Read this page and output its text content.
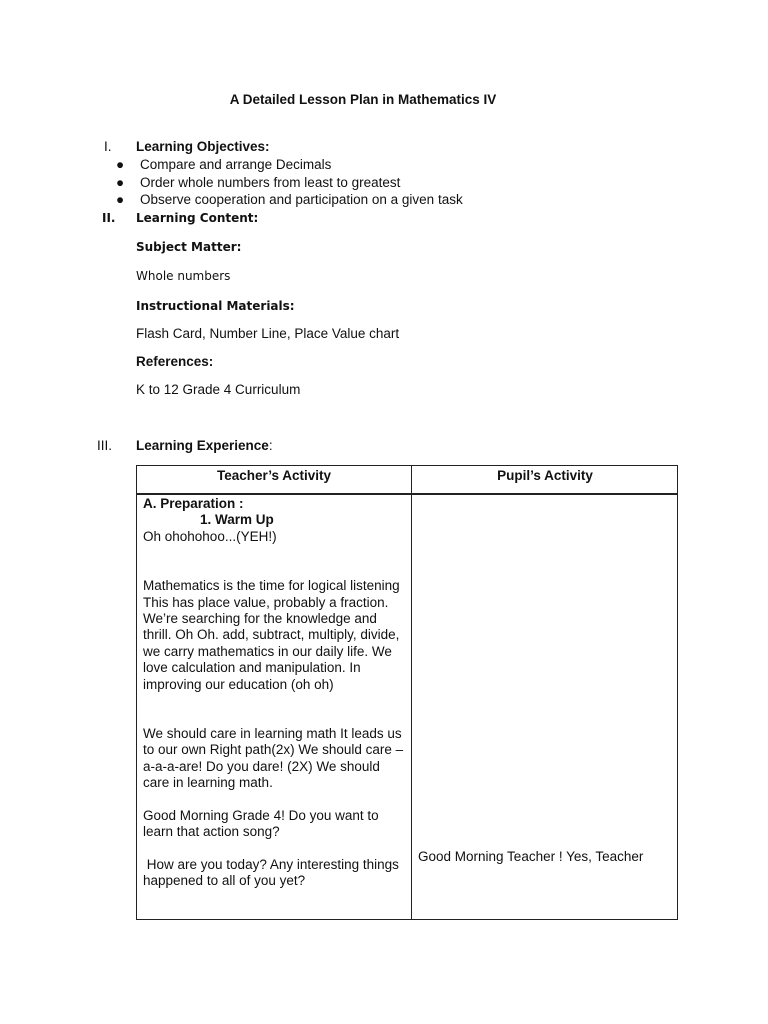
A Detailed Lesson Plan in Mathematics IV
I. Learning Objectives:
● Compare and arrange Decimals
● Order whole numbers from least to greatest
● Observe cooperation and participation on a given task
II. Learning Content:
Subject Matter:
Whole numbers
Instructional Materials:
Flash Card, Number Line, Place Value chart
References:
K to 12 Grade 4 Curriculum
III. Learning Experience:
Teacher’s Activity	Pupil’s Activity

A. Preparation :

1. Warm Up

Oh ohohohoo...(YEH!)

Mathematics is the time for logical listening This has place value, probably a fraction. We’re searching for the knowledge and thrill. Oh Oh. add, subtract, multiply, divide, we carry mathematics in our daily life. We love calculation and manipulation. In improving our education (oh oh)

We should care in learning math It leads us to our own Right path(2x) We should care –a-a-a-are! Do you dare! (2X) We should care in learning math.

Good Morning Grade 4! Do you want to learn that action song?

How are you today? Any interesting things happened to all of you yet?

Good Morning Teacher ! Yes, Teacher
